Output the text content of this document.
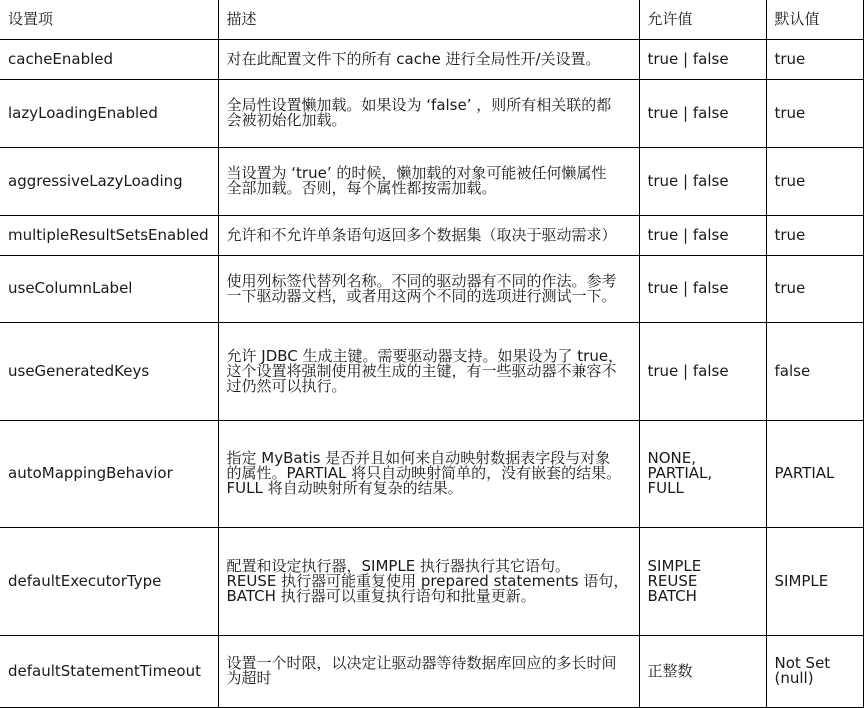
设置项	描述	允许值	默认值
cacheEnabled	对在此配置文件下的所有 cache 进行全局性开/关设置。	true | false	true

lazyLoadingEnabled	全局性设置懒加载。如果设为 ‘false’ ，则所有相关联的都
会被初始化加载。	true | false	true

aggressiveLazyLoading	当设置为 ‘true’ 的时候，懒加载的对象可能被任何懒属性
全部加载。否则，每个属性都按需加载。	true | false	true

multipleResultSetsEnabled	允许和不允许单条语句返回多个数据集（取决于驱动需求）	true | false	true

useColumnLabel	使用列标签代替列名称。不同的驱动器有不同的作法。参考
一下驱动器文档，或者用这两个不同的选项进行测试一下。	true | false	true

useGeneratedKeys	允许 JDBC 生成主键。需要驱动器支持。如果设为了 true，
这个设置将强制使用被生成的主键，有一些驱动器不兼容不
过仍然可以执行。	true | false	false

autoMappingBehavior	指定 MyBatis 是否并且如何来自动映射数据表字段与对象
的属性。PARTIAL 将只自动映射简单的，没有嵌套的结果。
FULL 将自动映射所有复杂的结果。	NONE,
PARTIAL,
FULL	PARTIAL

defaultExecutorType	配置和设定执行器，SIMPLE 执行器执行其它语句。
REUSE 执行器可能重复使用 prepared statements 语句，
BATCH 执行器可以重复执行语句和批量更新。	SIMPLE
REUSE
BATCH	SIMPLE

defaultStatementTimeout	设置一个时限，以决定让驱动器等待数据库回应的多长时间
为超时	正整数	Not Set
(null)
